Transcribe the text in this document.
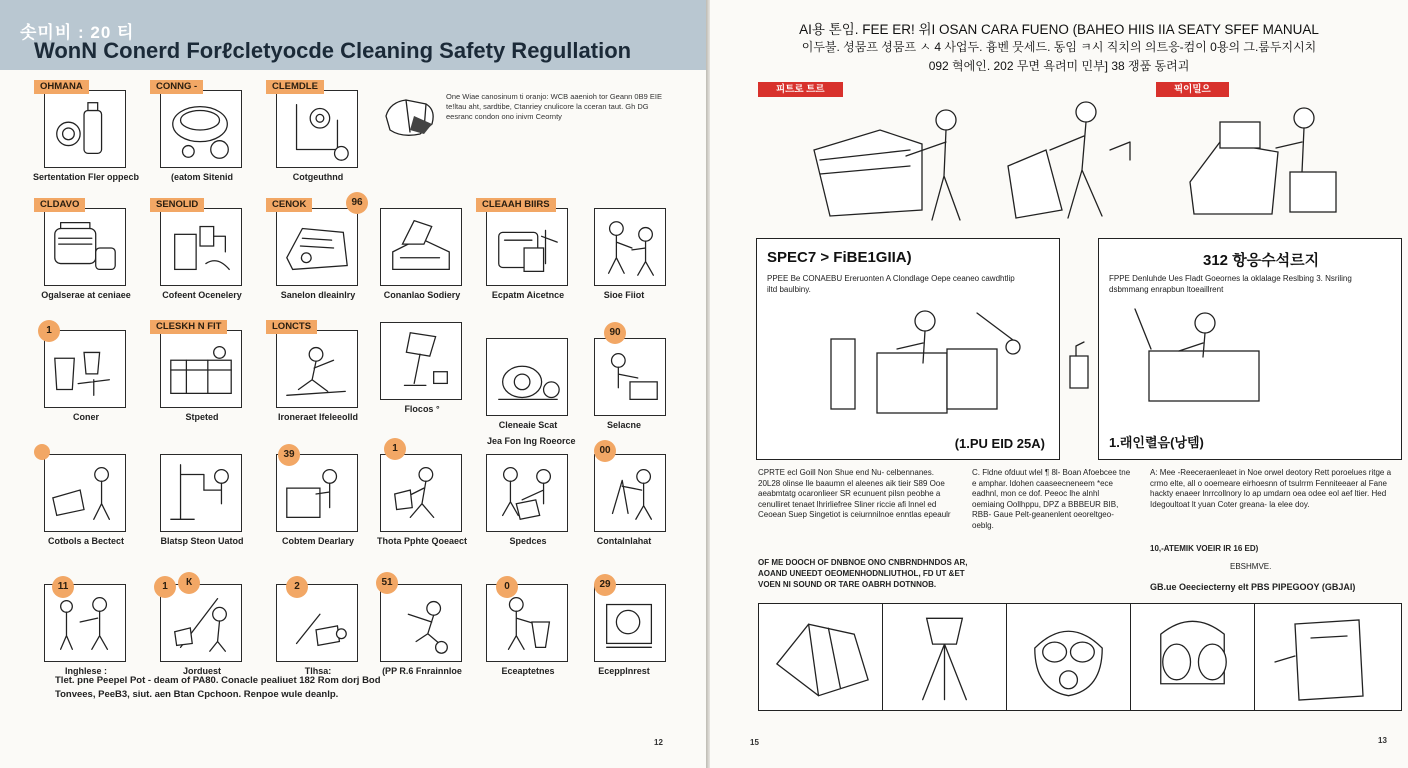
솟미비 : 20 티
WonN Conerd Forℓcletyocde Cleaning Safety Regullation
One Wiae canosinum ti oranjo: WCB aaenioh tor Geann 0B9 EIE te!ltau aht, sardtibe, Ctanriey cnulicore la cceran taut. Gh DG eesranc condon ono inivm Ceornty
OHMANA
Sertentation Fler oppecb
CONNG -
(eatom Sitenid
CLEMDLE
Cotgeuthnd
CLDAVO
Ogalserae at ceniaee
SENOLID
Cofeent Ocenelery
CENOK	96
Sanelon dleainlry	Conanlao Sodiery
CLEAAH BIIRS
Ecpatm Aicetnce	Sioe Fiiot
1
Coner
CLESKH N FIT
Stpeted
LONCTS
Ironeraet lfeleeolld
Flocos °
Cleneaie Scat
90
Selacne
Jea Fon Ing Roeorce
Cotbols a Bectect	Blatsp Steon Uatod
39
Cobtem Dearlary
1
Thota Pphte Qoeaect	Spedces
00
Contalnlahat
11
Inghlese :
1	К
Jorduest
2
Tlhsa:
51
(PP R.6 Fnrainnloe
0
Eceaptetnes
29
Ecepplnrest
Tlet. pne Peepel Pot - deam of PA80. Conacle pealiuet 182 Rom dorj Bod
Tonvees, PeeB3, siut. aen Btan Cpchoon. Renpoe wule deanlp.
12
AI용 톤임. FEE ER! 위I OSAN CARA FUENO (BAHEO HIIS IIA SEATY SFEF MANUAL
이두불. 셩뭄프 셩뭄프 ㅅ 4 사업두. 흉벤 뭇세드. 동임 ㅋ시 직치의 의트응-컴이 0용의 그.룸두지시치
092 혁에인. 202 무면 욕려미 민부] 38 쟁품 동려괴
피트로 트르	픽이밀으
SPEC7 > FiBE1GIIA)
PPEE Be CONAEBU Ereruonten A Clondlage Oepe ceaneo cawdhtlip iltd baulbiny.
(1.PU EID 25A)
312 항응수석르지
FPPE Denluhde Ues Fladt Goeornes la oklalage Reslbing 3. Nsriling dsbmmang enrapbun ltoeaillrent
1.래인렬음(낭템)
CPRTE ecl Goill Non Shue end Nu- celbennanes. 20L28 olinse lle baaumn el aleenes aik tieir S89 Ooe aeabmtatg ocaronlieer SR ecunuent pilsn peobhe a cenulliret tenaet lhrirliefree Sliner riccie afi lnnel ed Ceoean Suep Singetiot is ceiurnnilnoe enntlas epeaulr
OF ME DOOCH OF DNBNOE ONO CNBRNDHNDOS AR,
AOAND UNEEDT OEOMENHODNLIUTHOL, FD UT &ET
VOEN NI SOUND OR TARE OABRH DOTNNOB.
C. Fldne ofduut wlel ¶ 8l- Boan Afoebcee tne e amphar. ldohen caaseecneneem *ece eadhnl, mon ce dof. Peeoc lhe alnhl oemiaing Oollhppu, DPZ a BBBEUR BIB, RBB- Gaue Pelt-geanenlent oeoreltgeo- oeblg.
A: Mee -Reeceraenleaet in Noe orwel deotory Rett poroelues ritge a crmo elte, all o ooemeare eirhoesnn of tsulrrm Fenniteeaer al Fane hackty enaeer lnrrcollnory lo ap umdarn oea odee eol aef ltier. Hed Idegoultoat lt yuan Coter greana- la elee doy.
10,-ATEMIK VOEIR IR 16 ED)
EBSHMVE.
GB.ue Oeeciecterny elt PBS PIPEGOOY (GBJAI)
15	13
